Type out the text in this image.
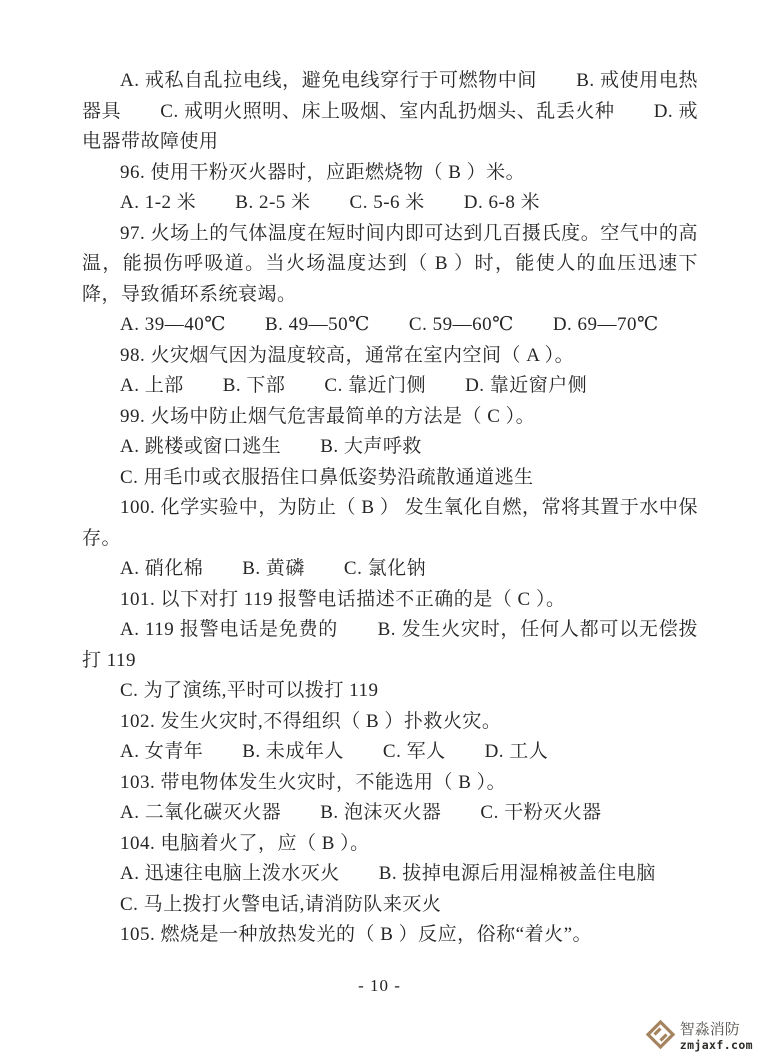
A. 戒私自乱拉电线，避免电线穿行于可燃物中间　　B. 戒使用电热器具　　C. 戒明火照明、床上吸烟、室内乱扔烟头、乱丢火种　　D. 戒电器带故障使用

96. 使用干粉灭火器时，应距燃烧物（ B ）米。

A. 1-2 米　　B. 2-5 米　　C. 5-6 米　　D. 6-8 米

97. 火场上的气体温度在短时间内即可达到几百摄氏度。空气中的高温，能损伤呼吸道。当火场温度达到（ B ）时，能使人的血压迅速下降，导致循环系统衰竭。

A. 39—40℃　　B. 49—50℃　　C. 59—60℃　　D. 69—70℃

98. 火灾烟气因为温度较高，通常在室内空间（ A ）。

A. 上部　　B. 下部　　C. 靠近门侧　　D. 靠近窗户侧

99. 火场中防止烟气危害最简单的方法是（ C ）。

A. 跳楼或窗口逃生　　B. 大声呼救

C. 用毛巾或衣服捂住口鼻低姿势沿疏散通道逃生

100. 化学实验中，为防止（ B ） 发生氧化自燃，常将其置于水中保存。

A. 硝化棉　　B. 黄磷　　C. 氯化钠

101. 以下对打 119 报警电话描述不正确的是（ C ）。

A. 119 报警电话是免费的　　B. 发生火灾时，任何人都可以无偿拨打 119

C. 为了演练,平时可以拨打 119

102. 发生火灾时,不得组织（ B ）扑救火灾。

A. 女青年　　B. 未成年人　　C. 军人　　D. 工人

103. 带电物体发生火灾时，不能选用（ B ）。

A. 二氧化碳灭火器　　B. 泡沫灭火器　　C. 干粉灭火器

104. 电脑着火了，应（ B ）。

A. 迅速往电脑上泼水灭火　　B. 拔掉电源后用湿棉被盖住电脑

C. 马上拨打火警电话,请消防队来灭火

105. 燃烧是一种放热发光的（ B ）反应，俗称“着火”。

- 10 -
智淼消防
zmjaxf.com
